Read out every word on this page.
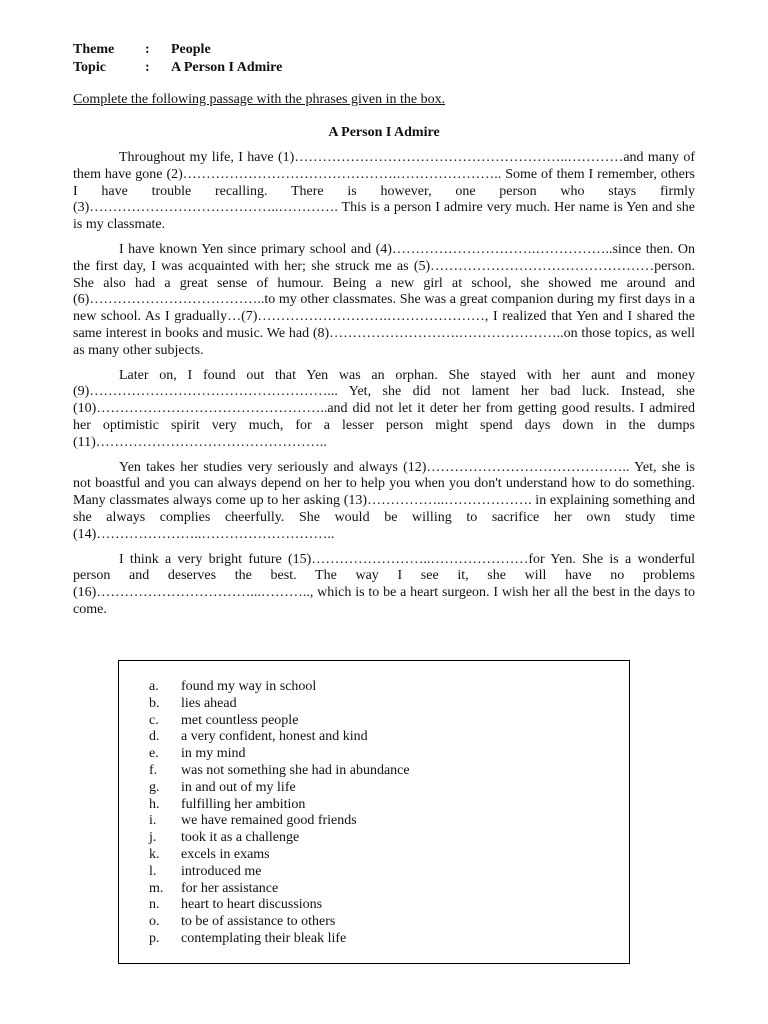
Theme	:	People
Topic	:	A Person I Admire
Complete the following passage with the phrases given in the box.
A Person I Admire

Throughout my life, I have (1)…………………………………………………..…………and many of them have gone (2)……………………………………….………………….. Some of them I remember, others I have trouble recalling. There is however, one person who stays firmly (3)…………………………………..…………. This is a person I admire very much. Her name is Yen and she is my classmate.

I have known Yen since primary school and (4)………………………….……………..since then. On the first day, I was acquainted with her; she struck me as (5)…………………………………………person. She also had a great sense of humour. Being a new girl at school, she showed me around and (6)………………………………..to my other classmates. She was a great companion during my first days in a new school. As I gradually…(7)……………………….…………………, I realized that Yen and I shared the same interest in books and music. We had (8)……………………….…………………..on those topics, as well as many other subjects.

Later on, I found out that Yen was an orphan. She stayed with her aunt and money (9)……………………………………………... Yet, she did not lament her bad luck. Instead, she (10)…………………………………………..and did not let it deter her from getting good results. I admired her optimistic spirit very much, for a lesser person might spend days down in the dumps (11)…………………………………………..

Yen takes her studies very seriously and always (12)…………………………………….. Yet, she is not boastful and you can always depend on her to help you when you don't understand how to do something. Many classmates always come up to her asking (13)……………..………………. in explaining something and she always complies cheerfully. She would be willing to sacrifice her own study time (14)…………………..………………………..

I think a very bright future (15)……………………..…………………for Yen. She is a wonderful person and deserves the best. The way I see it, she will have no problems (16)……………………………...……….., which is to be a heart surgeon. I wish her all the best in the days to come.

a.	found my way in school
b.	lies ahead
c.	met countless people
d.	a very confident, honest and kind
e.	in my mind
f.	was not something she had in abundance
g.	in and out of my life
h.	fulfilling her ambition
i.	we have remained good friends
j.	took it as a challenge
k.	excels in exams
l.	introduced me
m.	for her assistance
n.	heart to heart discussions
o.	to be of assistance to others
p.	contemplating their bleak life
